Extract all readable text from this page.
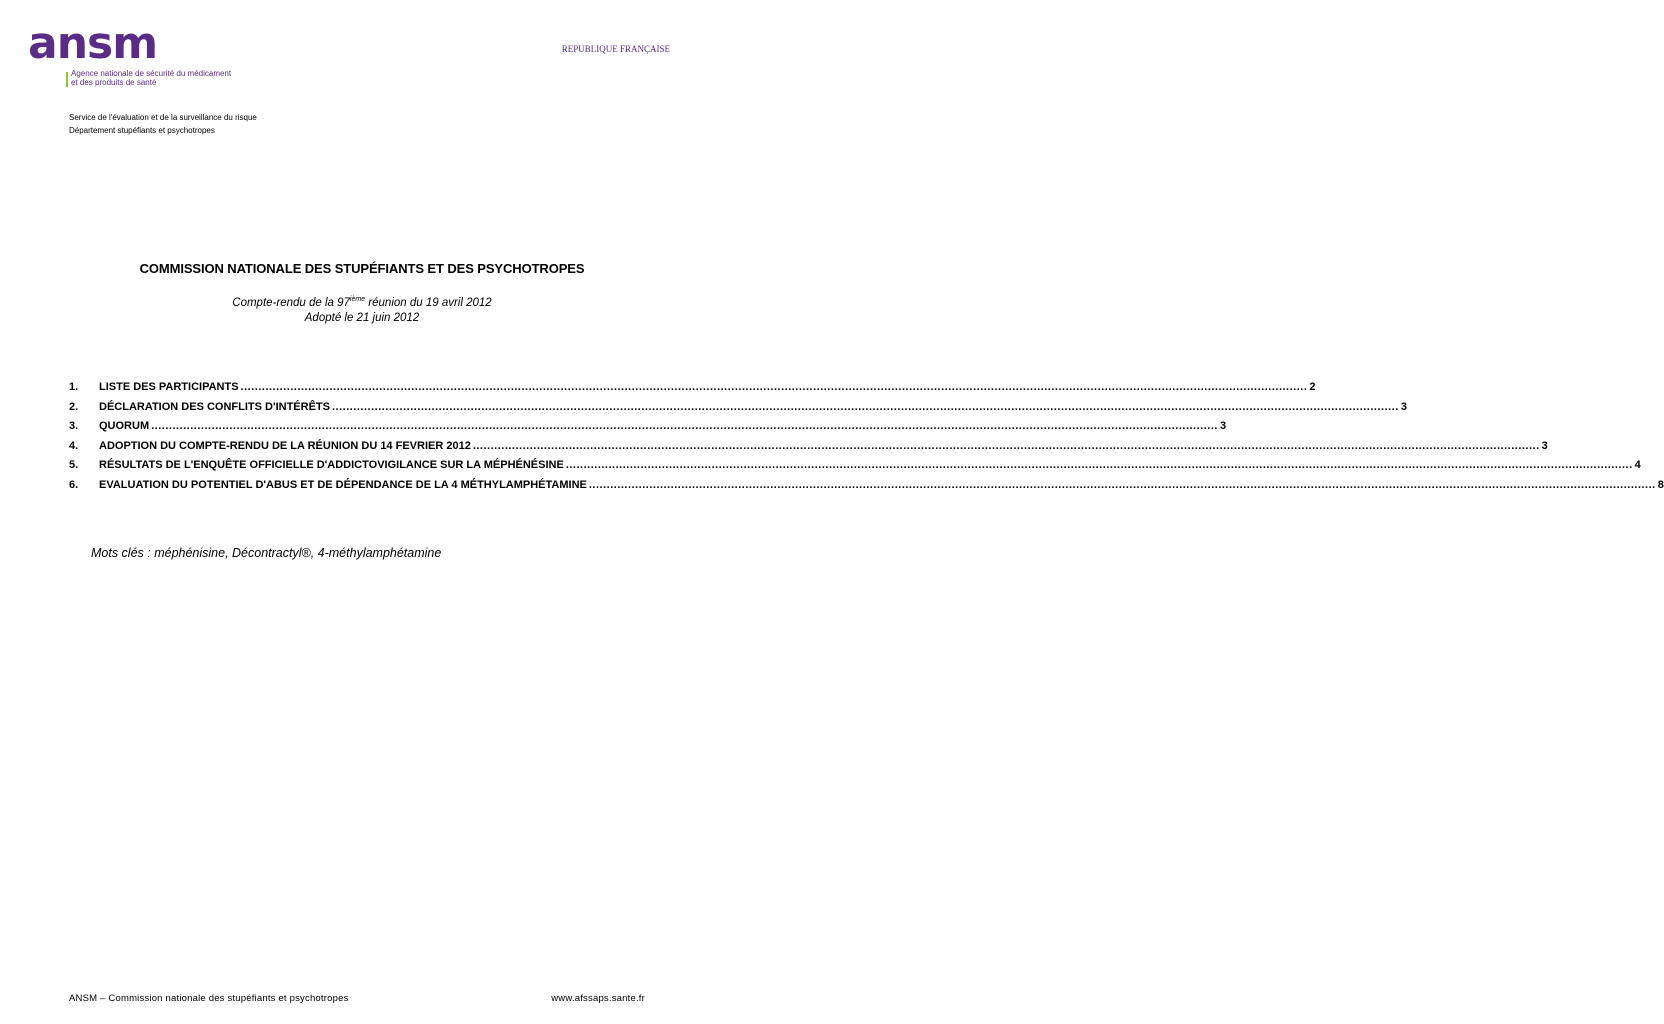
ansm
Agence nationale de sécurité du médicament
et des produits de santé
REPUBLIQUE FRANÇAISE
Service de l'évaluation et de la surveillance du risque
Département stupéfiants et psychotropes
COMMISSION NATIONALE DES STUPÉFIANTS ET DES PSYCHOTROPES
Compte-rendu de la 97ième réunion du 19 avril 2012
Adopté le 21 juin 2012
1.	LISTE DES PARTICIPANTS ............................................................................................................................................................................................................................................................................................................ 2
2.	DÉCLARATION DES CONFLITS D'INTÉRÊTS ............................................................................................................................................................................................................................................................................................................ 3
3.	QUORUM ............................................................................................................................................................................................................................................................................................................ 3
4.	ADOPTION DU COMPTE-RENDU DE LA RÉUNION DU 14 FEVRIER 2012 ............................................................................................................................................................................................................................................................................................................ 3
5.	RÉSULTATS DE L'ENQUÊTE OFFICIELLE D'ADDICTOVIGILANCE SUR LA MÉPHÉNÉSINE ............................................................................................................................................................................................................................................................................................................ 4
6.	EVALUATION DU POTENTIEL D'ABUS ET DE DÉPENDANCE DE LA 4 MÉTHYLAMPHÉTAMINE ............................................................................................................................................................................................................................................................................................................ 8
Mots clés : méphénisine, Décontractyl®, 4-méthylamphétamine
ANSM – Commission nationale des stupéfiants et psychotropes	www.afssaps.sante.fr
